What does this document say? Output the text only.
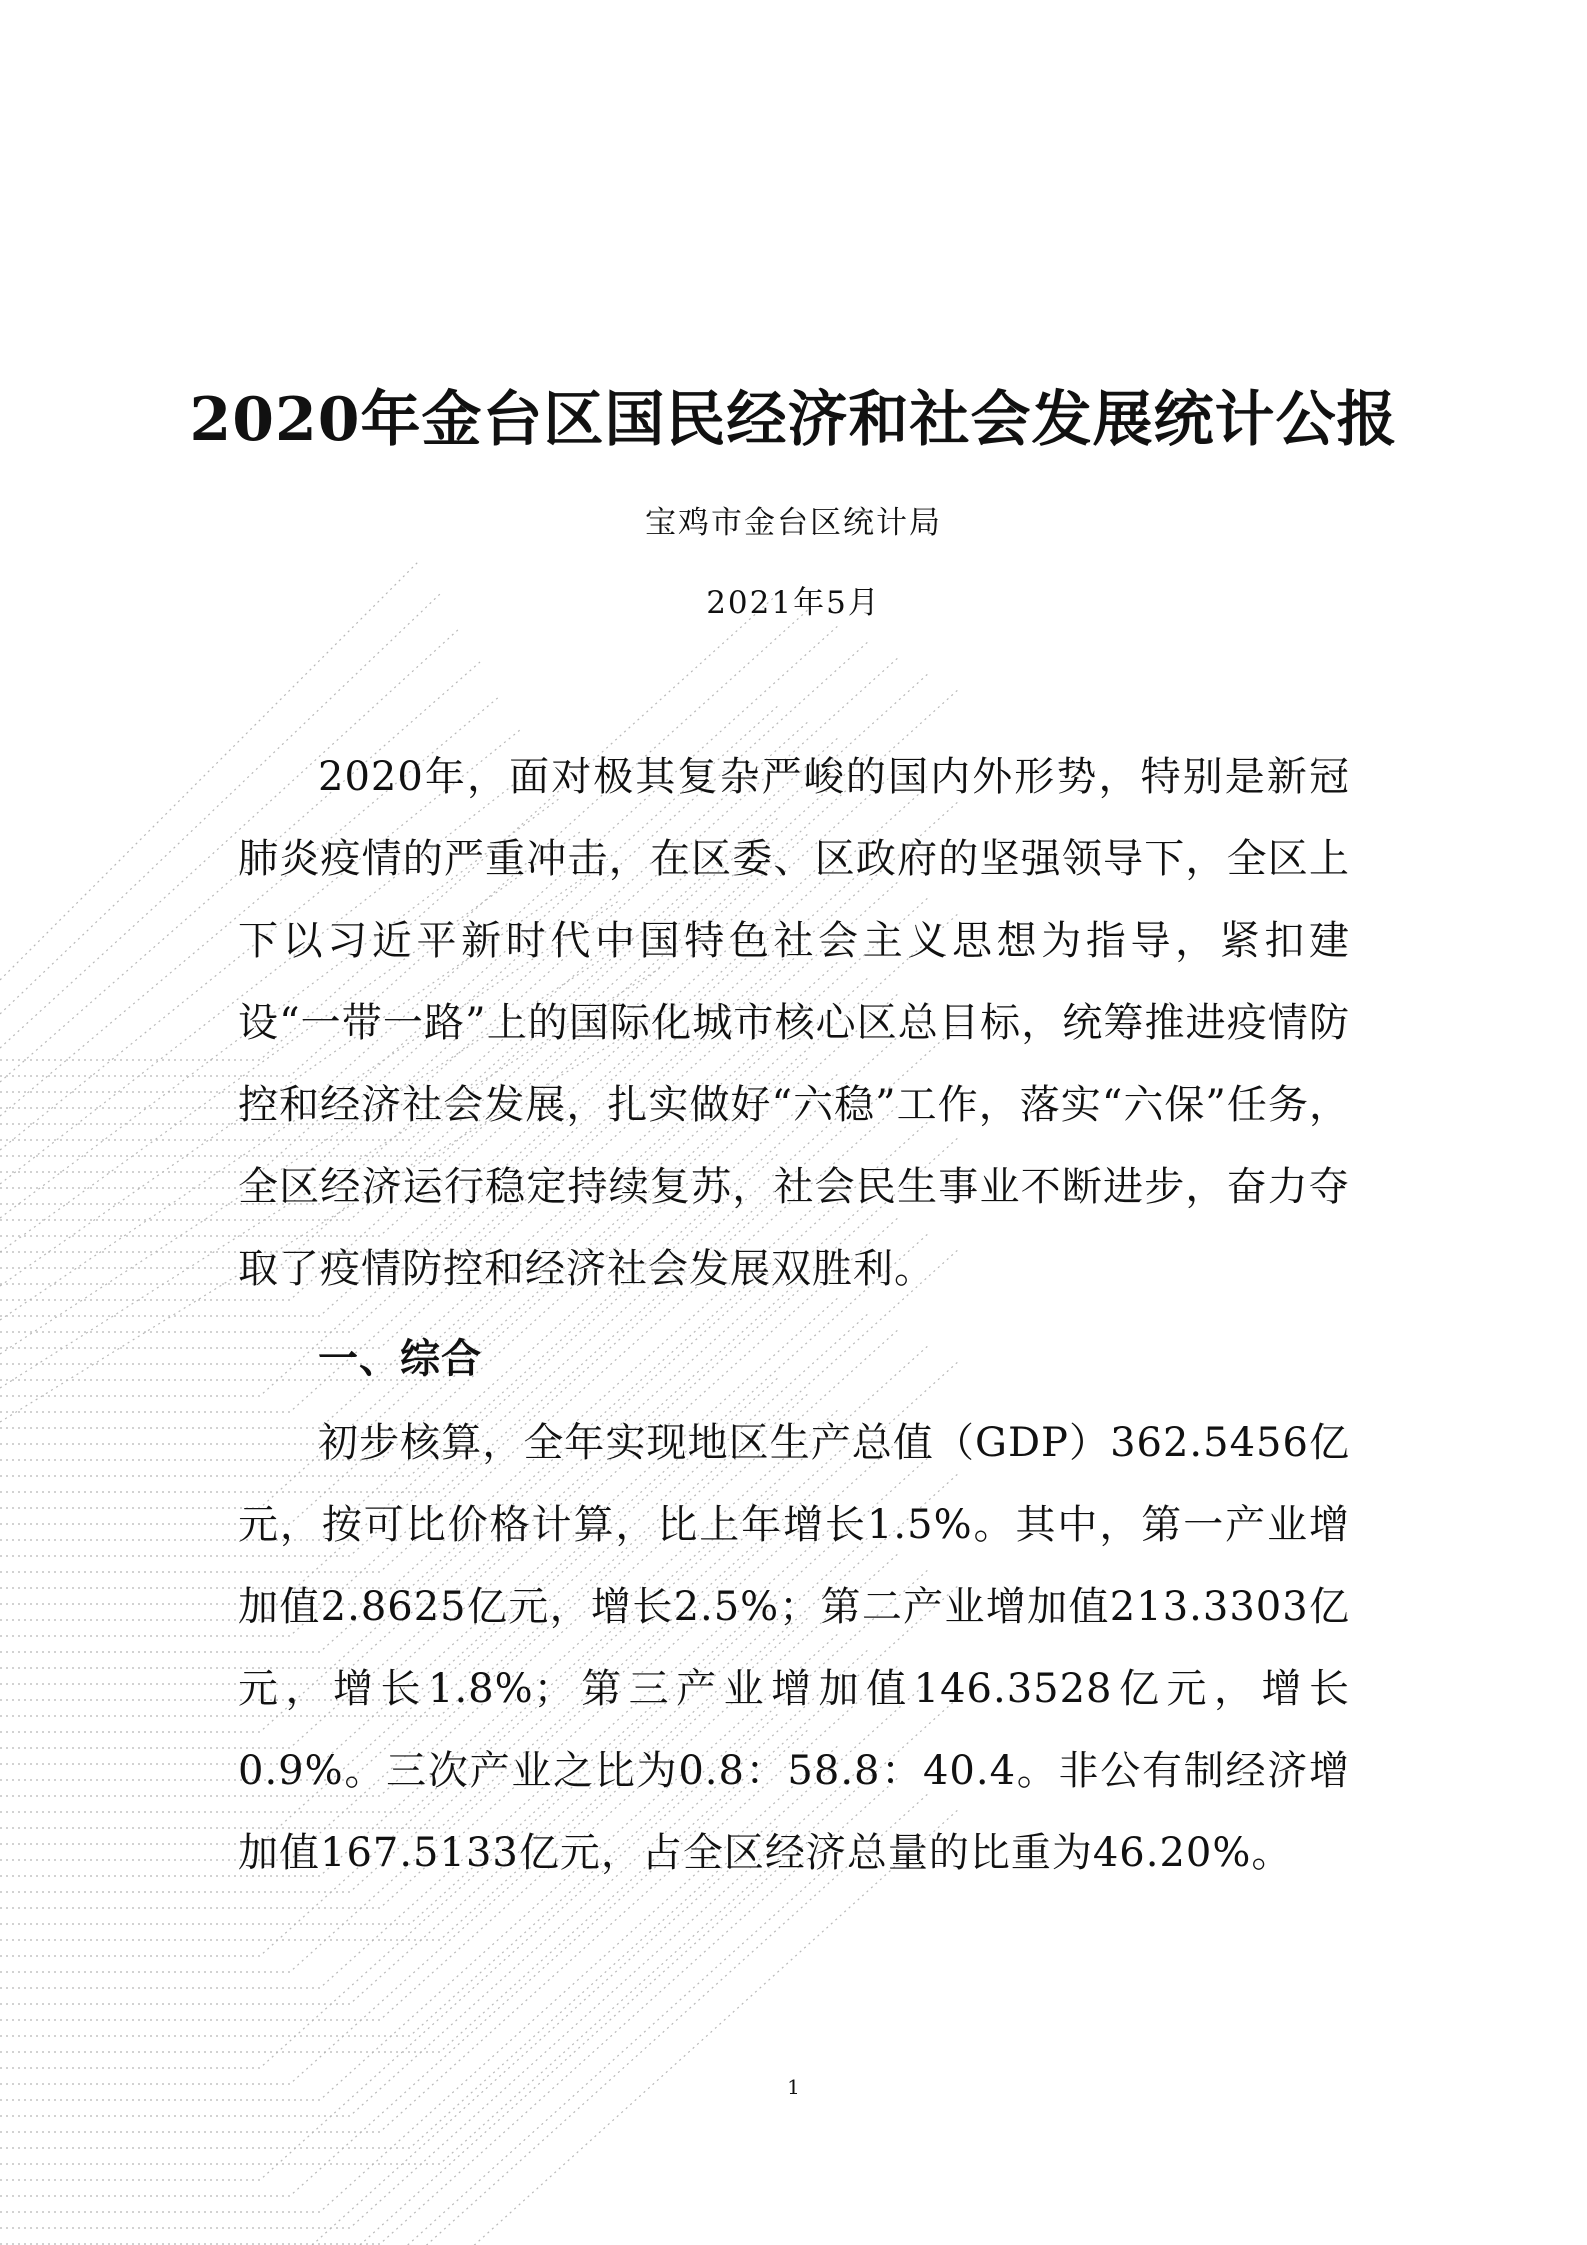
2020年金台区国民经济和社会发展统计公报
宝鸡市金台区统计局
2021年5月

2020年，面对极其复杂严峻的国内外形势，特别是新冠肺炎疫情的严重冲击，在区委、区政府的坚强领导下，全区上下以习近平新时代中国特色社会主义思想为指导，紧扣建设“一带一路”上的国际化城市核心区总目标，统筹推进疫情防控和经济社会发展，扎实做好“六稳”工作，落实“六保”任务，全区经济运行稳定持续复苏，社会民生事业不断进步，奋力夺取了疫情防控和经济社会发展双胜利。

一、综合

初步核算，全年实现地区生产总值（GDP）362.5456亿元，按可比价格计算，比上年增长1.5%。其中，第一产业增加值2.8625亿元，增长2.5%；第二产业增加值213.3303亿元，增长1.8%；第三产业增加值146.3528亿元，增长0.9%。三次产业之比为0.8：58.8：40.4。非公有制经济增加值167.5133亿元，占全区经济总量的比重为46.20%。

1
